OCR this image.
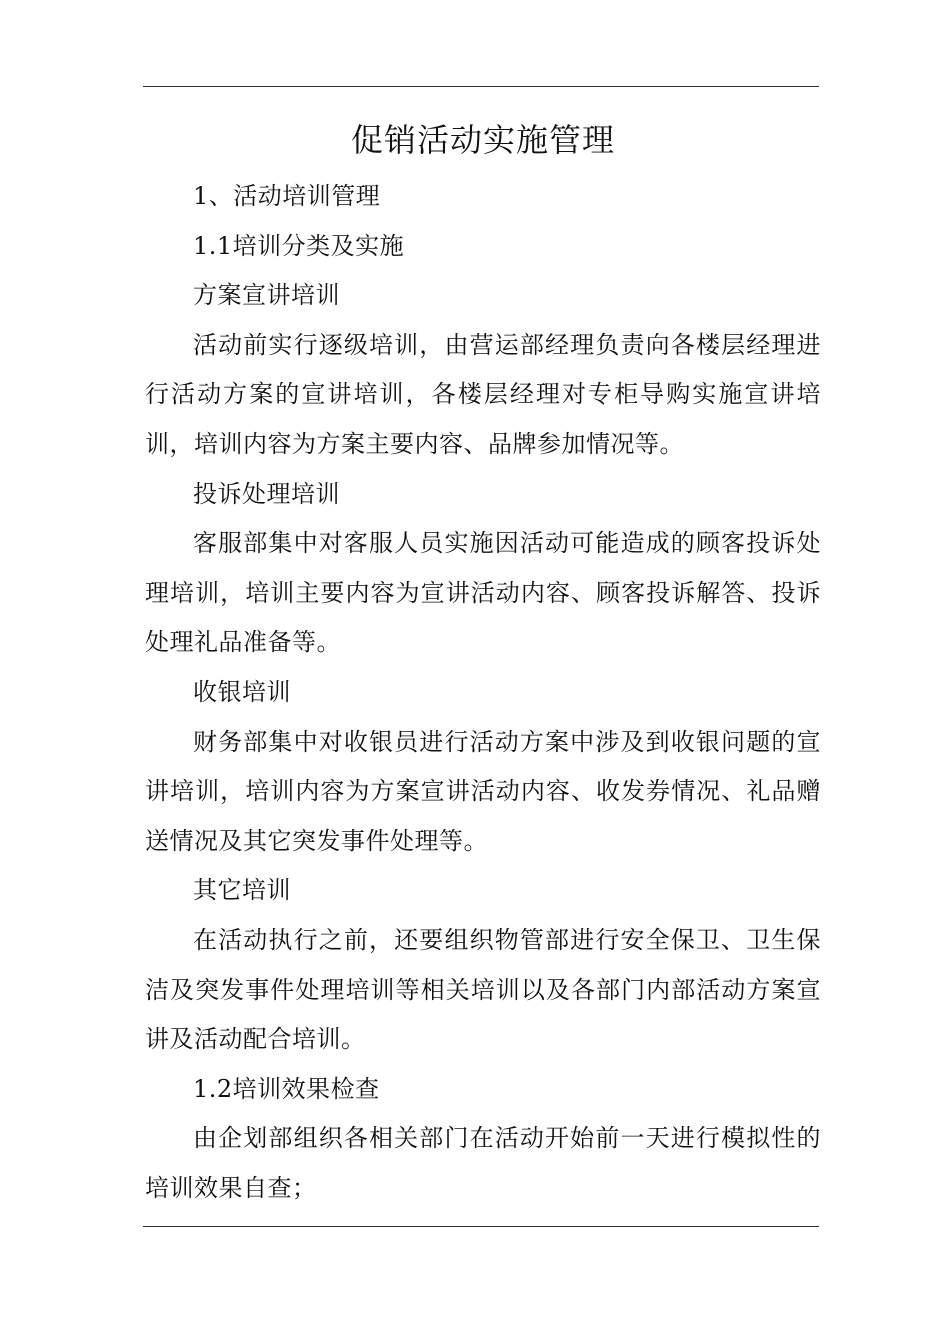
促销活动实施管理

1、活动培训管理

1.1培训分类及实施

方案宣讲培训

活动前实行逐级培训，由营运部经理负责向各楼层经理进行活动方案的宣讲培训，各楼层经理对专柜导购实施宣讲培训，培训内容为方案主要内容、品牌参加情况等。

投诉处理培训

客服部集中对客服人员实施因活动可能造成的顾客投诉处理培训，培训主要内容为宣讲活动内容、顾客投诉解答、投诉处理礼品准备等。

收银培训

财务部集中对收银员进行活动方案中涉及到收银问题的宣讲培训，培训内容为方案宣讲活动内容、收发券情况、礼品赠送情况及其它突发事件处理等。

其它培训

在活动执行之前，还要组织物管部进行安全保卫、卫生保洁及突发事件处理培训等相关培训以及各部门内部活动方案宣讲及活动配合培训。

1.2培训效果检查

由企划部组织各相关部门在活动开始前一天进行模拟性的培训效果自查；
